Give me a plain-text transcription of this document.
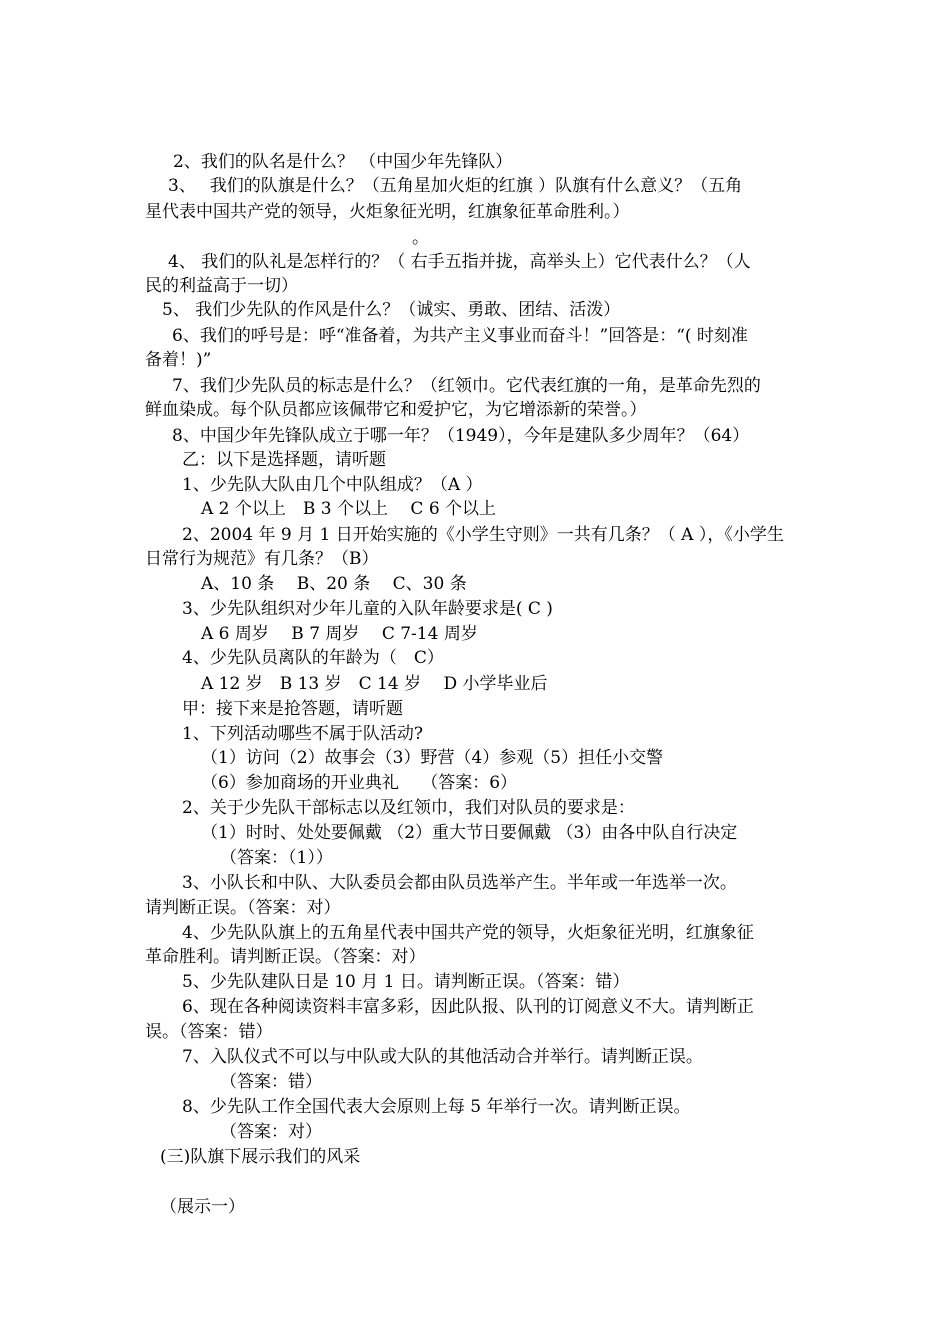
2、我们的队名是什么？ （中国少年先锋队）

3、　 我们的队旗是什么？（五角星加火炬的红旗 ）队旗有什么意义？（五角

星代表中国共产党的领导，火炬象征光明，红旗象征革命胜利。）

。

4、 我们的队礼是怎样行的？（ 右手五指并拢，高举头上）它代表什么？（人

民的利益高于一切）

5、 我们少先队的作风是什么？（诚实、勇敢、团结、活泼）

6、我们的呼号是：呼“准备着，为共产主义事业而奋斗！”回答是：“( 时刻准

备着！)”

7、我们少先队员的标志是什么？（红领巾。它代表红旗的一角，是革命先烈的

鲜血染成。每个队员都应该佩带它和爱护它，为它增添新的荣誉。）

8、中国少年先锋队成立于哪一年？（1949），今年是建队多少周年？（64）

乙：以下是选择题，请听题

1、少先队大队由几个中队组成？（A ）

A 2 个以上　B 3 个以上　 C 6 个以上

2、2004 年 9 月 1 日开始实施的《小学生守则》一共有几条？（ A ），《小学生

日常行为规范》有几条？（B）

A、10 条　 B、20 条　 C、30 条

3、少先队组织对少年儿童的入队年龄要求是( C )

A 6 周岁　 B 7 周岁　 C 7-14 周岁

4、少先队员离队的年龄为（　C）

A 12 岁　B 13 岁　C 14 岁　 D 小学毕业后

甲：接下来是抢答题，请听题

1、下列活动哪些不属于队活动?

（1）访问（2）故事会（3）野营（4）参观（5）担任小交警

（6）参加商场的开业典礼　 （答案：6）

2、关于少先队干部标志以及红领巾，我们对队员的要求是：

（1）时时、处处要佩戴 （2）重大节日要佩戴 （3）由各中队自行决定

（答案：（1））

3、小队长和中队、大队委员会都由队员选举产生。半年或一年选举一次。

请判断正误。（答案：对）

4、少先队队旗上的五角星代表中国共产党的领导，火炬象征光明，红旗象征

革命胜利。请判断正误。（答案：对）

5、少先队建队日是 10 月 1 日。请判断正误。（答案：错）

6、现在各种阅读资料丰富多彩，因此队报、队刊的订阅意义不大。请判断正

误。（答案：错）

7、入队仪式不可以与中队或大队的其他活动合并举行。请判断正误。

（答案：错）

8、少先队工作全国代表大会原则上每 5 年举行一次。请判断正误。

（答案：对）

(三)队旗下展示我们的风采

（展示一）
